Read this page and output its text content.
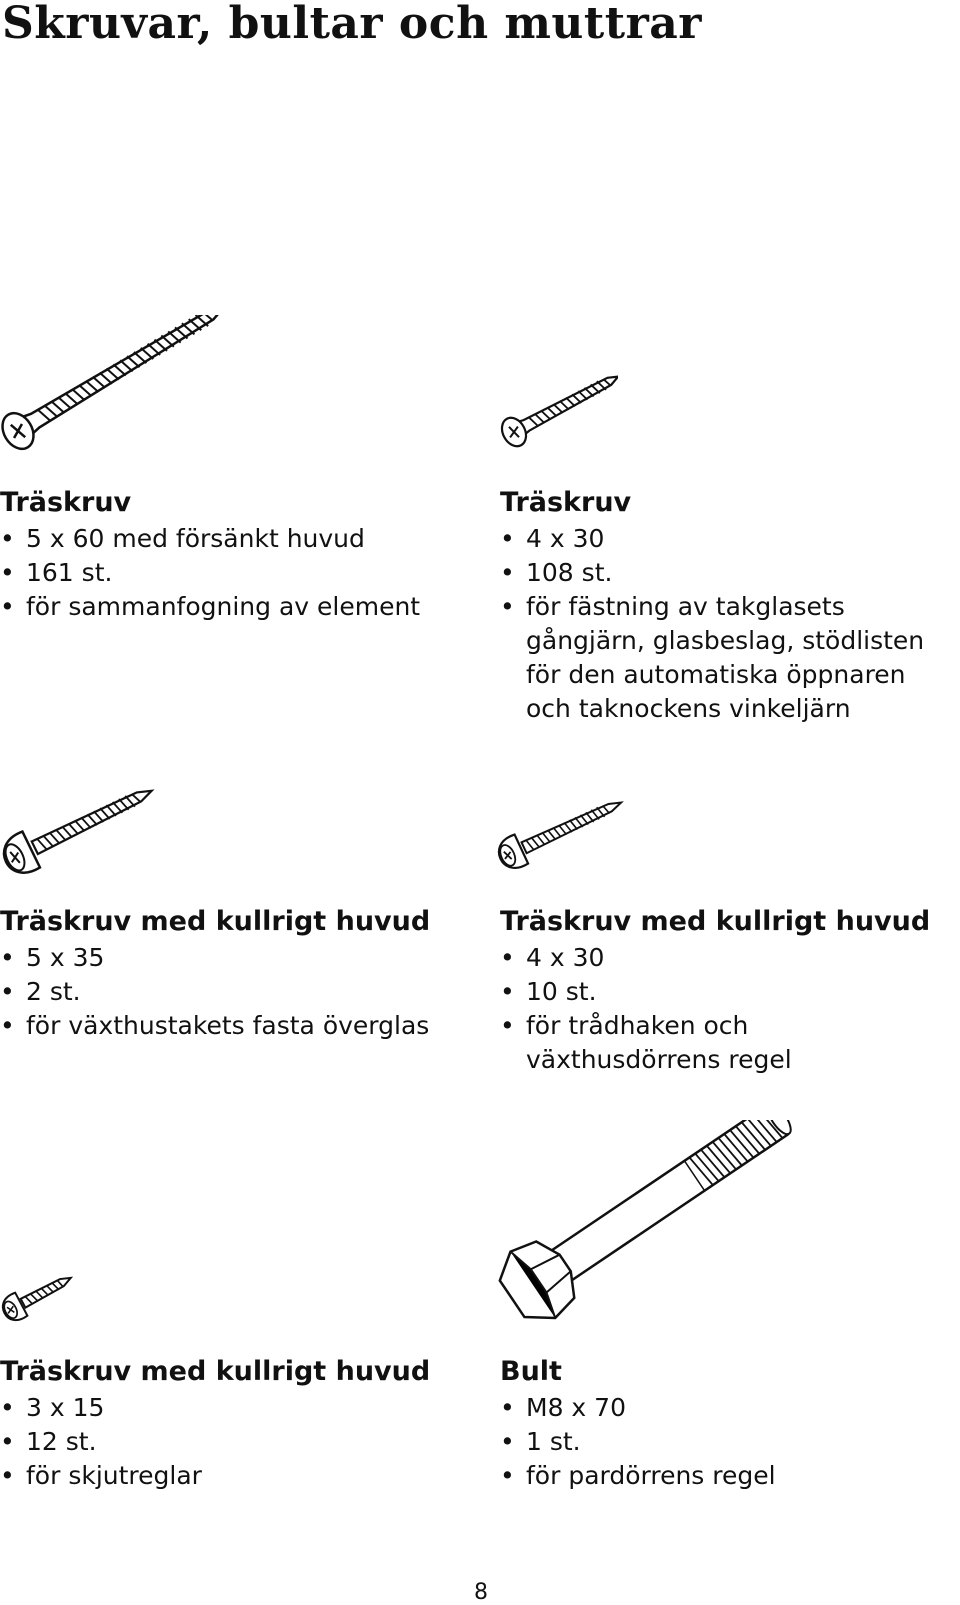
Skruvar, bultar och muttrar
Träskruv
• 5 x 60 med försänkt huvud
• 161 st.
• för sammanfogning av element
Träskruv
• 4 x 30
• 108 st.
• för fästning av takglasets gångjärn, glasbeslag, stödlisten för den automatiska öppnaren och taknockens vinkeljärn
Träskruv med kullrigt huvud
• 5 x 35
• 2 st.
• för växthustakets fasta överglas
Träskruv med kullrigt huvud
• 4 x 30
• 10 st.
• för trådhaken och växthusdörrens regel
Träskruv med kullrigt huvud
• 3 x 15
• 12 st.
• för skjutreglar
Bult
• M8 x 70
• 1 st.
• för pardörrens regel
8
